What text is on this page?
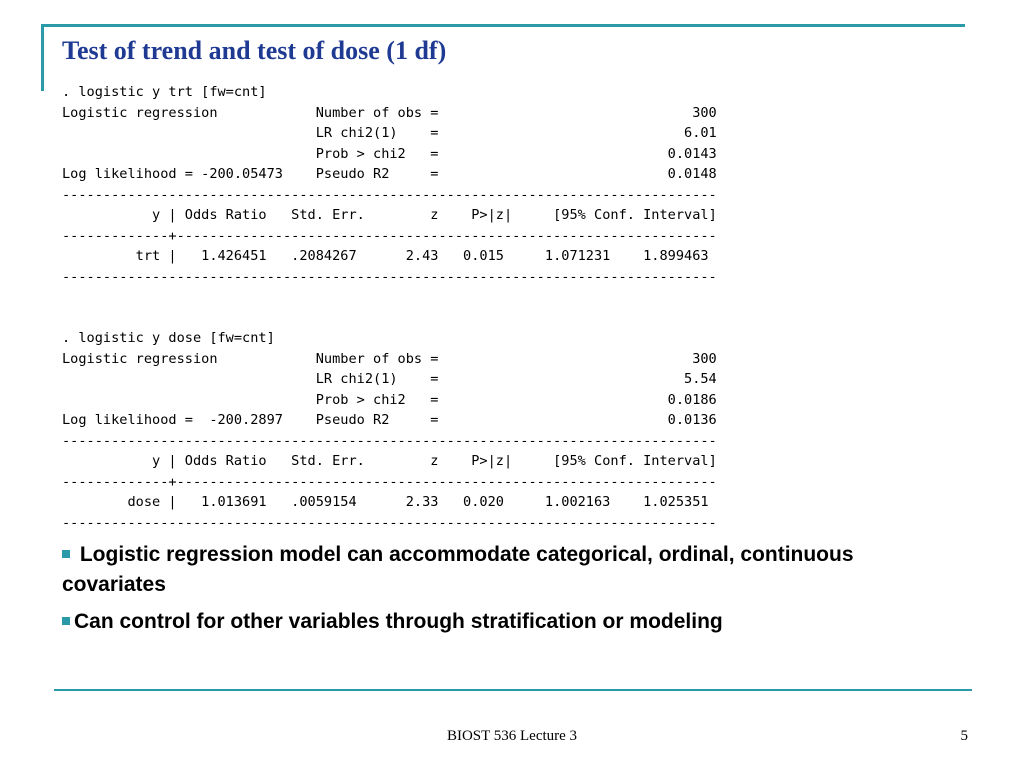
Test of trend and test of dose (1 df)
. logistic y trt [fw=cnt]
Logistic regression            Number of obs =                               300
LR chi2(1)    =                              6.01
Prob > chi2   =                            0.0143
Log likelihood = -200.05473    Pseudo R2     =                            0.0148
--------------------------------------------------------------------------------
y | Odds Ratio   Std. Err.        z    P>|z|     [95% Conf. Interval]
-------------+------------------------------------------------------------------
trt |   1.426451   .2084267      2.43   0.015     1.071231    1.899463
--------------------------------------------------------------------------------

. logistic y dose [fw=cnt]
Logistic regression            Number of obs =                               300
LR chi2(1)    =                              5.54
Prob > chi2   =                            0.0186
Log likelihood =  -200.2897    Pseudo R2     =                            0.0136
--------------------------------------------------------------------------------
y | Odds Ratio   Std. Err.        z    P>|z|     [95% Conf. Interval]
-------------+------------------------------------------------------------------
dose |   1.013691   .0059154      2.33   0.020     1.002163    1.025351
--------------------------------------------------------------------------------

Logistic regression model can accommodate categorical, ordinal, continuous covariates

Can control for other variables through stratification or modeling

BIOST 536 Lecture 3	5
